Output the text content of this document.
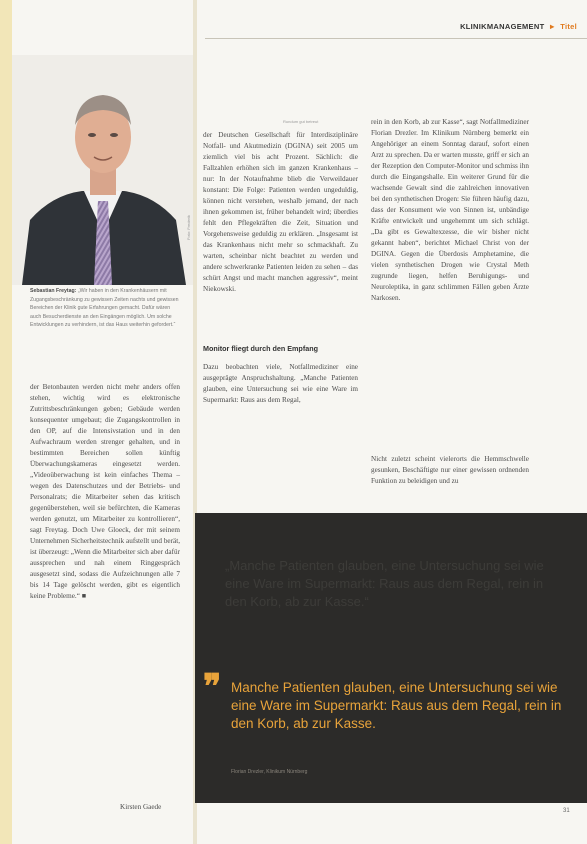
KLINIKMANAGEMENT ► Titel
Foto: Frederik
Sebastian Freytag: „Wir haben in den Krankenhäusern mit Zugangsbeschränkung zu gewissen Zeiten nachts und gewissen Bereichen der Klinik gute Erfahrungen gemacht. Dafür wären auch Besucherdienste an den Eingängen möglich. Um solche Entwicklungen zu verhindern, ist das Haus weiterhin gefordert.“

der Betonbauten werden nicht mehr anders offen stehen, wichtig wird es elektronische Zutrittsbeschränkungen geben; Gebäude werden konsequenter umgebaut; die Zugangskontrollen in den OP, auf die Intensivstation und in den Aufwachraum werden strenger gehalten, und in bestimmten Bereichen sollen künftig Überwachungskameras eingesetzt werden. „Videoüberwachung ist kein einfaches Thema – wegen des Datenschutzes und der Betriebs- und Personalrats; die Mitarbeiter sehen das kritisch gegenüberstehen, weil sie befürchten, die Kameras werden genutzt, um Mitarbeiter zu kontrollieren“, sagt Freytag. Doch Uwe Gloeck, der mit seinem Unternehmen Sicherheitstechnik aufstellt und berät, ist überzeugt: „Wenn die Mitarbeiter sich aber dafür aussprechen und nah einem Ringgespräch ausgesetzt sind, sodass die Aufzeichnungen alle 7 bis 14 Tage gelöscht werden, gibt es eigentlich keine Probleme.“ ■

Kirsten Gaede
Rundum gut betreut

der Deutschen Gesellschaft für Interdisziplinäre Notfall- und Akutmedizin (DGINA) seit 2005 um ziemlich viel bis acht Prozent. Sächlich: die Fallzahlen erhöhen sich im ganzen Krankenhaus – nur: In der Notaufnahme blieb die Verweildauer konstant: Die Folge: Patienten werden ungeduldig, können nicht verstehen, weshalb jemand, der nach ihnen gekommen ist, früher behandelt wird; überdies fehlt den Pflegekräften die Zeit, Situation und Vorgehensweise geduldig zu erklären. „Insgesamt ist das Krankenhaus nicht mehr so schmackhaft. Zu warten, scheinbar nicht beachtet zu werden und andere schwerkranke Patienten leiden zu sehen – das schürt Angst und macht manchen aggressiv“, meint Niekowski.

Monitor fliegt durch den Empfang

Dazu beobachten viele, Notfallmediziner eine ausgeprägte Anspruchshaltung. „Manche Patienten glauben, eine Untersuchung sei wie eine Ware im Supermarkt: Raus aus dem Regal,

rein in den Korb, ab zur Kasse“, sagt Notfallmediziner Florian Drezler. Im Klinikum Nürnberg bemerkt ein Angehöriger an einem Sonntag darauf, sofort einen Arzt zu sprechen. Da er warten musste, griff er sich an der Rezeption den Computer-Monitor und schmiss ihn durch die Eingangshalle. Ein weiterer Grund für die wachsende Gewalt sind die zahlreichen innovativen bei den synthetischen Drogen: Sie führen häufig dazu, dass der Konsument wie von Sinnen ist, unbändige Kräfte entwickelt und ungehemmt um sich schlägt. „Da gibt es Gewaltexzesse, die wir bisher nicht gekannt haben“, berichtet Michael Christ von der DGINA. Gegen die Überdosis Amphetamine, die vielen synthetischen Drogen wie Crystal Meth zugrunde liegen, helfen Beruhigungs- und Neuroleptika, in ganz schlimmen Fällen geben Ärzte Narkosen.

Nicht zuletzt scheint vielerorts die Hemmschwelle gesunken, Beschäftigte nur einer gewissen ordnenden Funktion zu beleidigen und zu

„Manche Patienten glauben, eine Untersuchung sei wie eine Ware im Supermarkt: Raus aus dem Regal, rein in den Korb, ab zur Kasse.“
❞ Manche Patienten glauben, eine Untersuchung sei wie eine Ware im Supermarkt: Raus aus dem Regal, rein in den Korb, ab zur Kasse.
Florian Drezler, Klinikum Nürnberg
31
